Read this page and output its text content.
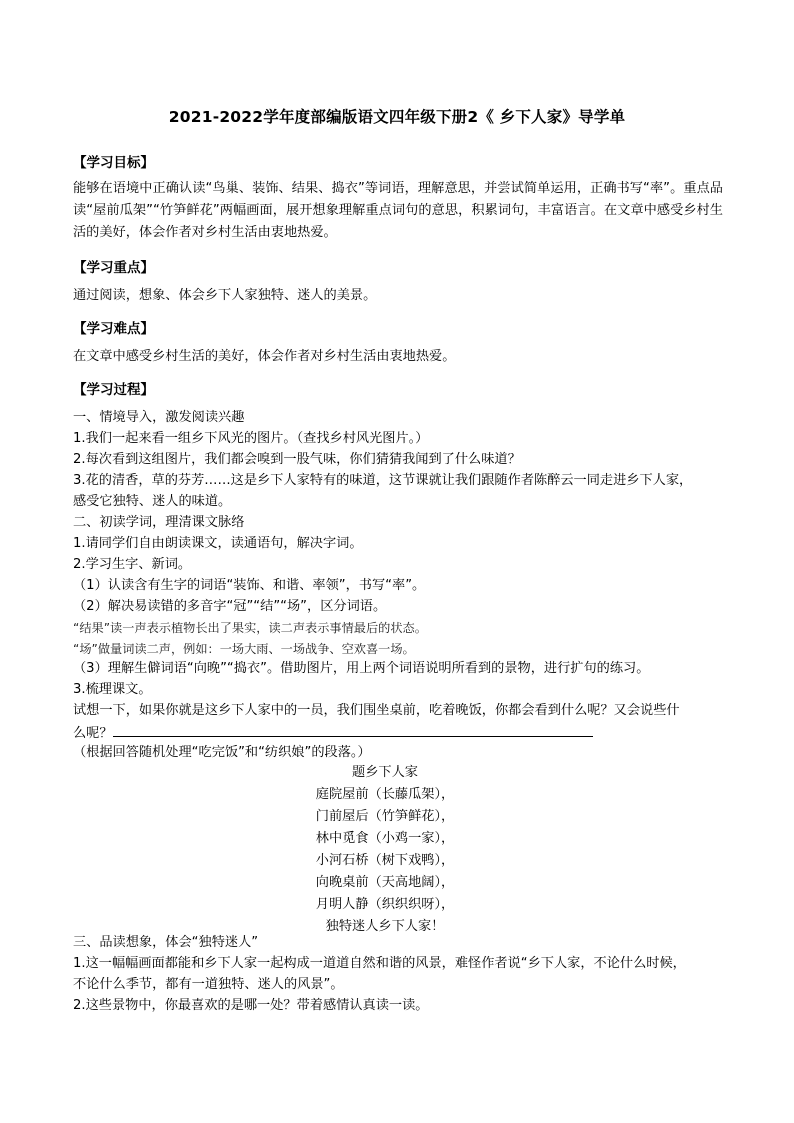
2021-2022学年度部编版语文四年级下册2《 乡下人家》导学单
【学习目标】
能够在语境中正确认读“鸟巢、装饰、结果、捣衣”等词语，理解意思，并尝试简单运用，正确书写“率”。重点品读“屋前瓜架”“竹笋鲜花”两幅画面，展开想象理解重点词句的意思，积累词句，丰富语言。在文章中感受乡村生活的美好，体会作者对乡村生活由衷地热爱。
【学习重点】
通过阅读，想象、体会乡下人家独特、迷人的美景。
【学习难点】
在文章中感受乡村生活的美好，体会作者对乡村生活由衷地热爱。
【学习过程】
一、情境导入，激发阅读兴趣
1.我们一起来看一组乡下风光的图片。（查找乡村风光图片。）
2.每次看到这组图片，我们都会嗅到一股气味，你们猜猜我闻到了什么味道？
3.花的清香，草的芬芳……这是乡下人家特有的味道，这节课就让我们跟随作者陈醉云一同走进乡下人家，
感受它独特、迷人的味道。
二、初读学词，理清课文脉络
1.请同学们自由朗读课文，读通语句，解决字词。
2.学习生字、新词。
（1）认读含有生字的词语“装饰、和谐、率领”，书写“率”。
（2）解决易读错的多音字“冠”“结”“场”，区分词语。
“结果”读一声表示植物长出了果实，读二声表示事情最后的状态。
“场”做量词读二声，例如：一场大雨、一场战争、空欢喜一场。
（3）理解生僻词语“向晚”“捣衣”。借助图片，用上两个词语说明所看到的景物，进行扩句的练习。
3.梳理课文。
试想一下，如果你就是这乡下人家中的一员，我们围坐桌前，吃着晚饭，你都会看到什么呢？又会说些什
么呢？
（根据回答随机处理“吃完饭”和“纺织娘”的段落。）
题乡下人家
庭院屋前（长藤瓜架），
门前屋后（竹笋鲜花），
林中觅食（小鸡一家），
小河石桥（树下戏鸭），
向晚桌前（天高地阔），
月明人静（织织织呀），
独特迷人乡下人家！
三、品读想象，体会“独特迷人”
1.这一幅幅画面都能和乡下人家一起构成一道道自然和谐的风景，难怪作者说“乡下人家，不论什么时候，
不论什么季节，都有一道独特、迷人的风景”。
2.这些景物中，你最喜欢的是哪一处？带着感情认真读一读。
